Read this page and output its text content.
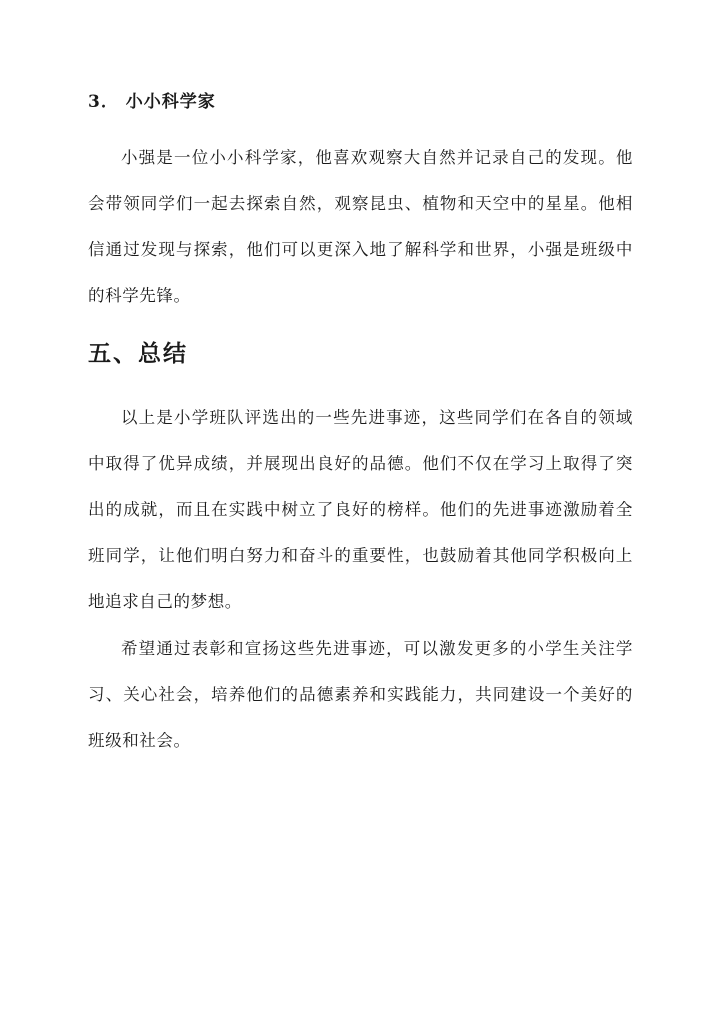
3． 小小科学家

小强是一位小小科学家，他喜欢观察大自然并记录自己的发现。他会带领同学们一起去探索自然，观察昆虫、植物和天空中的星星。他相信通过发现与探索，他们可以更深入地了解科学和世界，小强是班级中的科学先锋。

五、总结

以上是小学班队评选出的一些先进事迹，这些同学们在各自的领域中取得了优异成绩，并展现出良好的品德。他们不仅在学习上取得了突出的成就，而且在实践中树立了良好的榜样。他们的先进事迹激励着全班同学，让他们明白努力和奋斗的重要性，也鼓励着其他同学积极向上地追求自己的梦想。

希望通过表彰和宣扬这些先进事迹，可以激发更多的小学生关注学习、关心社会，培养他们的品德素养和实践能力，共同建设一个美好的班级和社会。
